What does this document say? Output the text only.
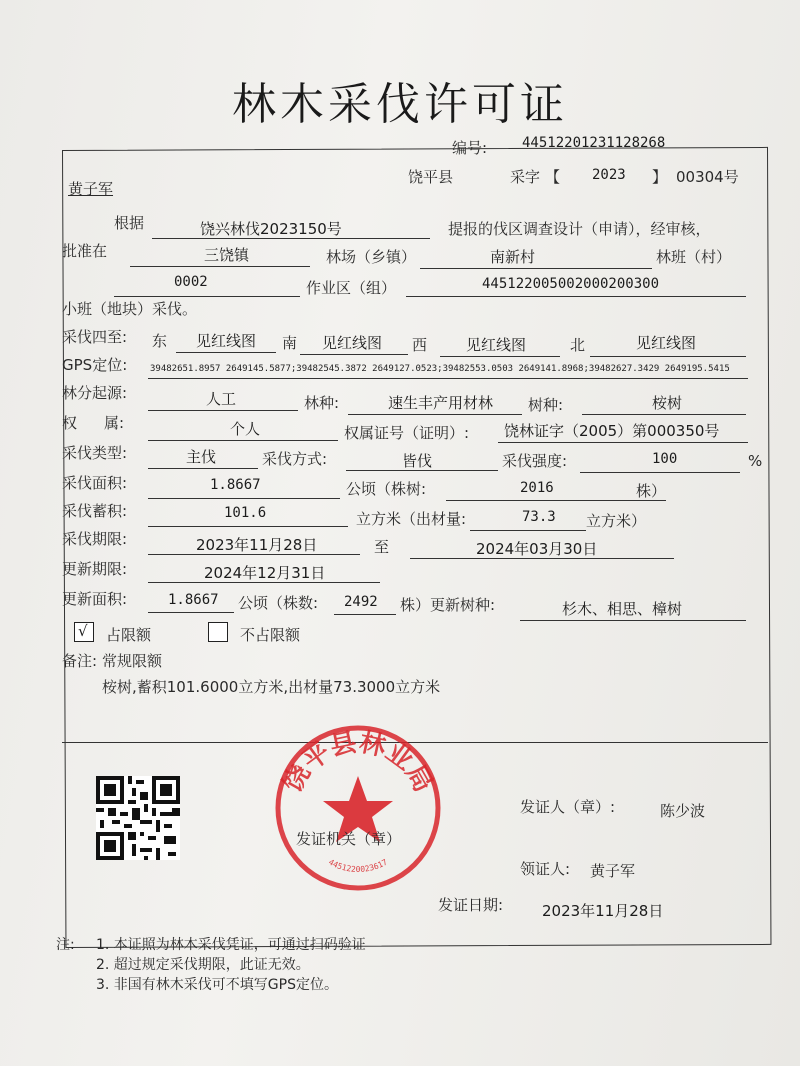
林木采伐许可证
编号: 44512201231128268
黄子军
饶平县	采字 【 2023 】 00304号
根据	饶兴林伐2023150号	提报的伐区调查设计（申请），经审核，
批准在	三饶镇	林场（乡镇）	南新村	林班（村）
0002	作业区（组）	445122005002000200300
小班（地块）采伐。
采伐四至: 东 见红线图 南 见红线图 西	见红线图	北	见红线图
GPS定位:	39482651.8957 2649145.5877;39482545.3872 2649127.0523;39482553.0503 2649141.8968;39482627.3429 2649195.5415
林分起源:	人工	林种:	速生丰产用材林 树种:	桉树
权 属:	个人	权属证号（证明）: 饶林证字（2005）第000350号
采伐类型:	主伐	采伐方式:	皆伐	采伐强度:	100	%
采伐面积:	1.8667	公顷（株树:	2016	株）
采伐蓄积:	101.6	立方米（出材量:	73.3 立方米）
采伐期限:	2023年11月28日	至	2024年03月30日
更新期限:	2024年12月31日
更新面积:	1.8667 公顷（株数: 2492 株）更新树种:	杉木、相思、樟树
√ 占限额	不占限额
备注: 常规限额
桉树,蓄积101.6000立方米,出材量73.3000立方米
饶平县林业局
4451220023617
发证人（章）:	陈少波
发证机关（章）
领证人: 黄子军
发证日期:	2023年11月28日
注: 1. 本证照为林木采伐凭证，可通过扫码验证
2. 超过规定采伐期限，此证无效。
3. 非国有林木采伐可不填写GPS定位。
